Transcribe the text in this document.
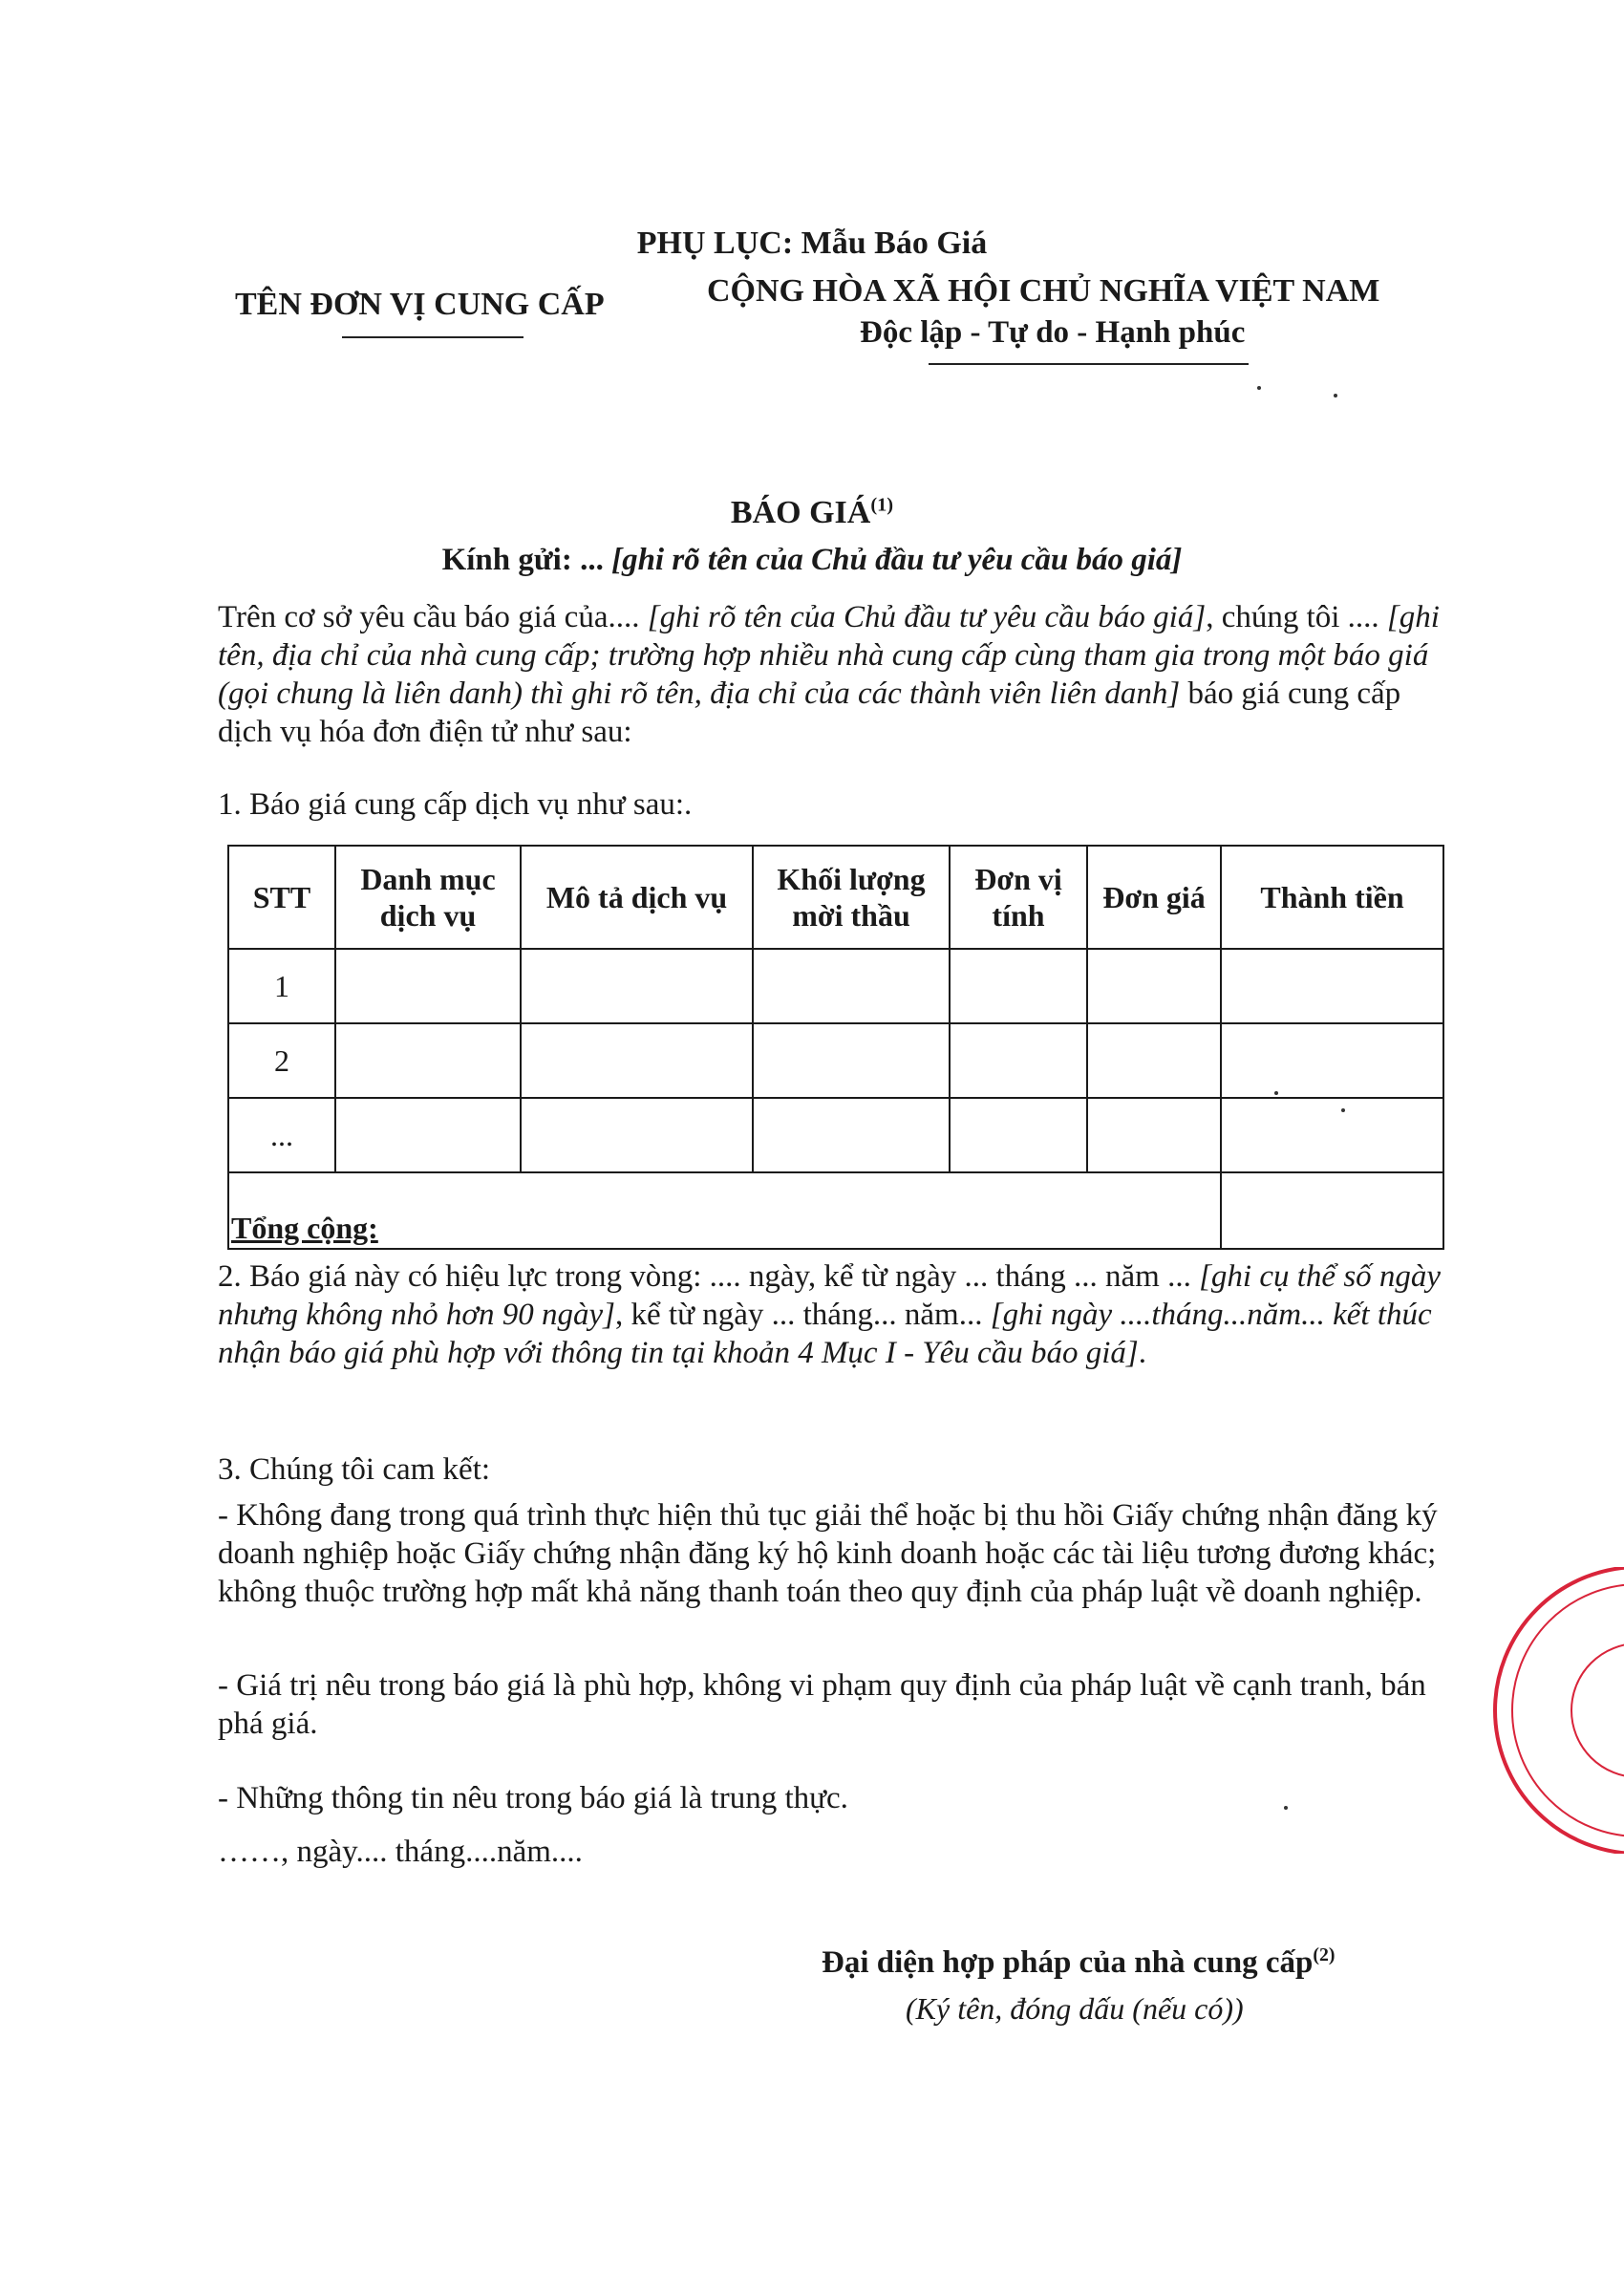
PHỤ LỤC: Mẫu Báo Giá
TÊN ĐƠN VỊ CUNG CẤP	CỘNG HÒA XÃ HỘI CHỦ NGHĨA VIỆT NAM
Độc lập - Tự do - Hạnh phúc
BÁO GIÁ$^{(1)}$
Kính gửi: ... [ghi rõ tên của Chủ đầu tư yêu cầu báo giá]
Trên cơ sở yêu cầu báo giá của.... [ghi rõ tên của Chủ đầu tư yêu cầu báo giá], chúng tôi .... [ghi tên, địa chỉ của nhà cung cấp; trường hợp nhiều nhà cung cấp cùng tham gia trong một báo giá (gọi chung là liên danh) thì ghi rõ tên, địa chỉ của các thành viên liên danh] báo giá cung cấp dịch vụ hóa đơn điện tử như sau:
1. Báo giá cung cấp dịch vụ như sau:.
STT	Danh mục dịch vụ	Mô tả dịch vụ	Khối lượng mời thầu	Đơn vị tính	Đơn giá	Thành tiền
1						
2						
...						
Tổng cộng:						
2. Báo giá này có hiệu lực trong vòng: .... ngày, kể từ ngày ... tháng ... năm ... [ghi cụ thể số ngày nhưng không nhỏ hơn 90 ngày], kể từ ngày ... tháng... năm... [ghi ngày ....tháng...năm... kết thúc nhận báo giá phù hợp với thông tin tại khoản 4 Mục I - Yêu cầu báo giá].
3. Chúng tôi cam kết:
- Không đang trong quá trình thực hiện thủ tục giải thể hoặc bị thu hồi Giấy chứng nhận đăng ký doanh nghiệp hoặc Giấy chứng nhận đăng ký hộ kinh doanh hoặc các tài liệu tương đương khác; không thuộc trường hợp mất khả năng thanh toán theo quy định của pháp luật về doanh nghiệp.
- Giá trị nêu trong báo giá là phù hợp, không vi phạm quy định của pháp luật về cạnh tranh, bán phá giá.
- Những thông tin nêu trong báo giá là trung thực.
……, ngày.... tháng....năm....
Đại diện hợp pháp của nhà cung cấp$^{(2)}$
(Ký tên, đóng dấu (nếu có))
